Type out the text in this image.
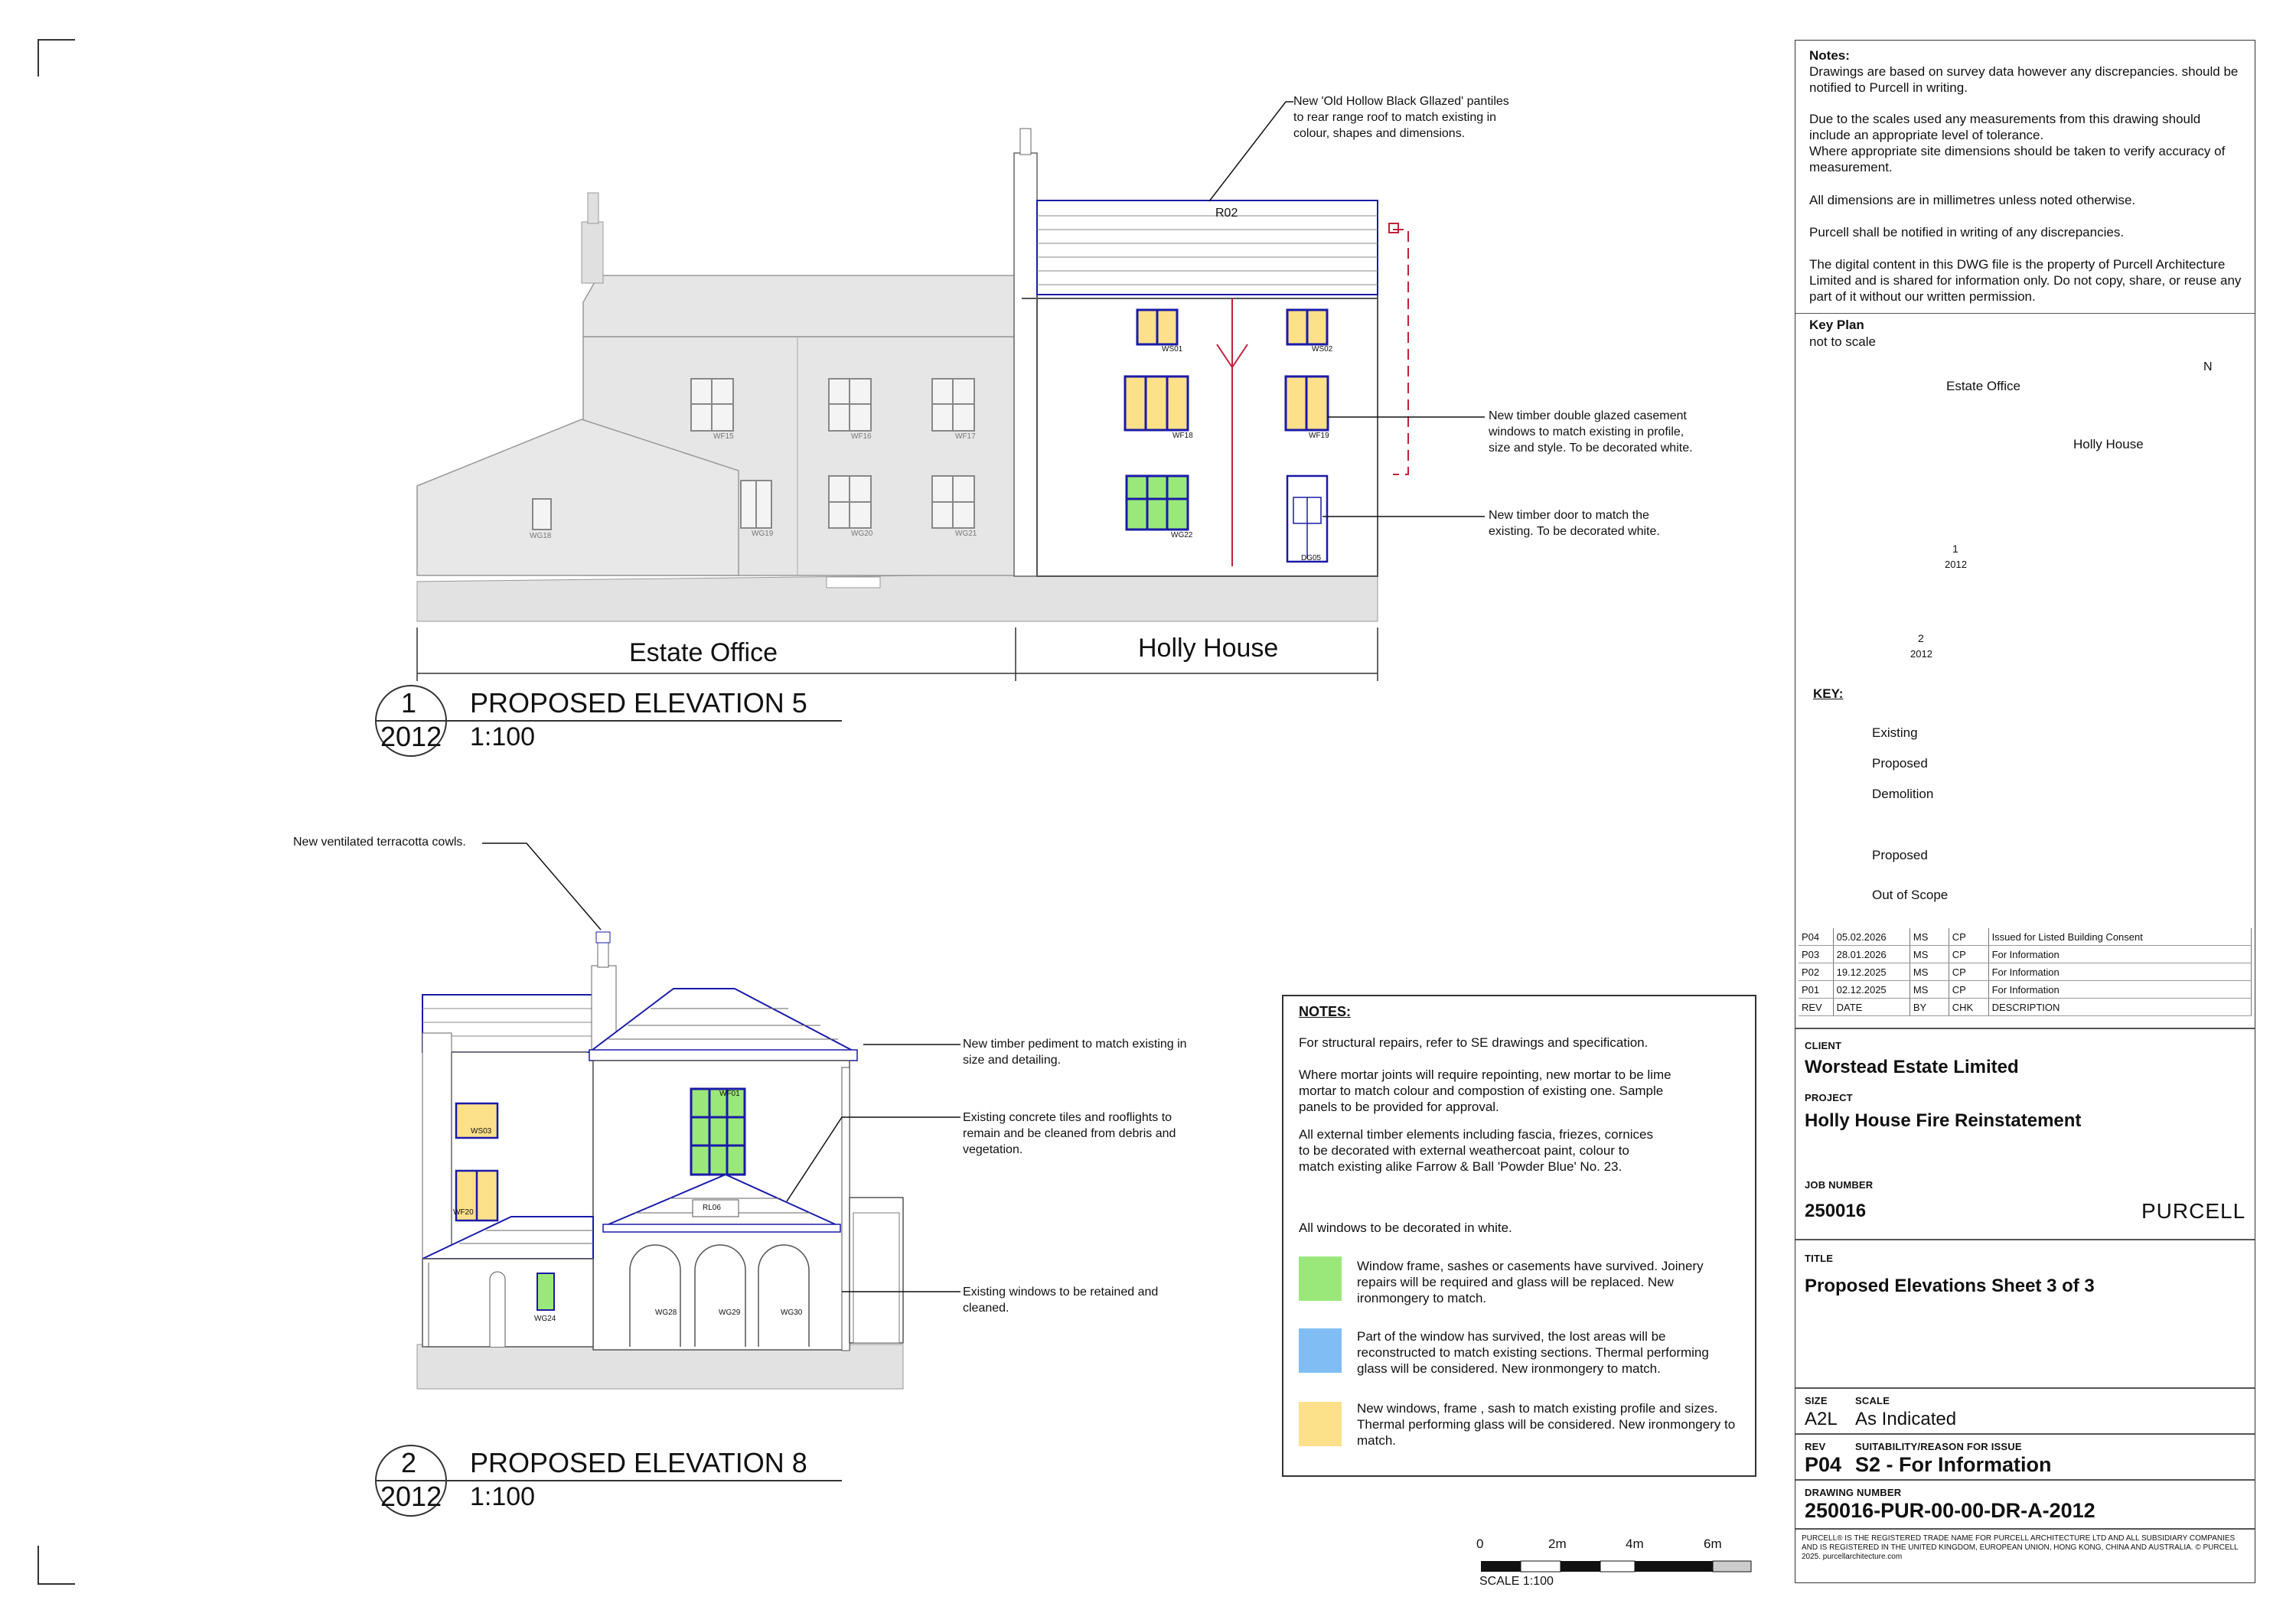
R02
New 'Old Hollow Black Gllazed' pantiles to rear range roof to match existing in colour, shapes and dimensions.
New timber double glazed casement windows to match existing in profile, size and style. To be decorated white.
New timber door to match the existing. To be decorated white.
WS01	WS02
WF15	WF16	WF17	WF18	WF19
WG19	WG20	WG21	WG22
WG18
DG05
Estate Office	Holly House
1
2012
PROPOSED ELEVATION 5
1:100
New ventilated terracotta cowls.
New timber pediment to match existing in size and detailing.
Existing concrete tiles and rooflights to remain and be cleaned from debris and vegetation.
Existing windows to be retained and cleaned.
WF01
WS03
WF20
RL06
WG24
WG28	WG29	WG30
2
2012
PROPOSED ELEVATION 8
1:100
NOTES:
For structural repairs, refer to SE drawings and specification.
Where mortar joints will require repointing, new mortar to be lime mortar to match colour and compostion of existing one. Sample panels to be provided for approval.
All external timber elements including fascia, friezes, cornices to be decorated with external weathercoat paint, colour to match existing alike Farrow & Ball 'Powder Blue' No. 23.
All windows to be decorated in white.
Window frame, sashes or casements have survived. Joinery repairs will be required and glass will be replaced. New ironmongery to match.
Part of the window has survived, the lost areas will be reconstructed to match existing sections. Thermal performing glass will be considered. New ironmongery to match.
New windows, frame , sash to match existing profile and sizes. Thermal performing glass will be considered. New ironmongery to match.
0	2m	4m	6m
SCALE 1:100
Notes:
Drawings are based on survey data however any discrepancies. should be notified to Purcell in writing.
Due to the scales used any measurements from this drawing should include an appropriate level of tolerance.
Where appropriate site dimensions should be taken to verify accuracy of measurement.
All dimensions are in millimetres unless noted otherwise.
Purcell shall be notified in writing of any discrepancies.
The digital content in this DWG file is the property of Purcell Architecture Limited and is shared for information only. Do not copy, share, or reuse any part of it without our written permission.
Key Plan
not to scale
Estate Office
Holly House
N
1
2012
2
2012
KEY:
Existing
Proposed
Demolition
Proposed
Out of Scope
P04	05.02.2026	MS	CP	Issued for Listed Building Consent
P03	28.01.2026	MS	CP	For Information
P02	19.12.2025	MS	CP	For Information
P01	02.12.2025	MS	CP	For Information
REV	DATE	BY	CHK	DESCRIPTION
CLIENT
Worstead Estate Limited
PROJECT
Holly House Fire Reinstatement
JOB NUMBER
250016	PURCELL
TITLE
Proposed Elevations Sheet 3 of 3
SIZE	SCALE
A2L As Indicated
REV	SUITABILITY/REASON FOR ISSUE
P04 S2 - For Information
DRAWING NUMBER
250016-PUR-00-00-DR-A-2012
PURCELL® IS THE REGISTERED TRADE NAME FOR PURCELL ARCHITECTURE LTD AND ALL SUBSIDIARY COMPANIES AND IS REGISTERED IN THE UNITED KINGDOM, EUROPEAN UNION, HONG KONG, CHINA AND AUSTRALIA. © PURCELL 2025. purcellarchitecture.com
